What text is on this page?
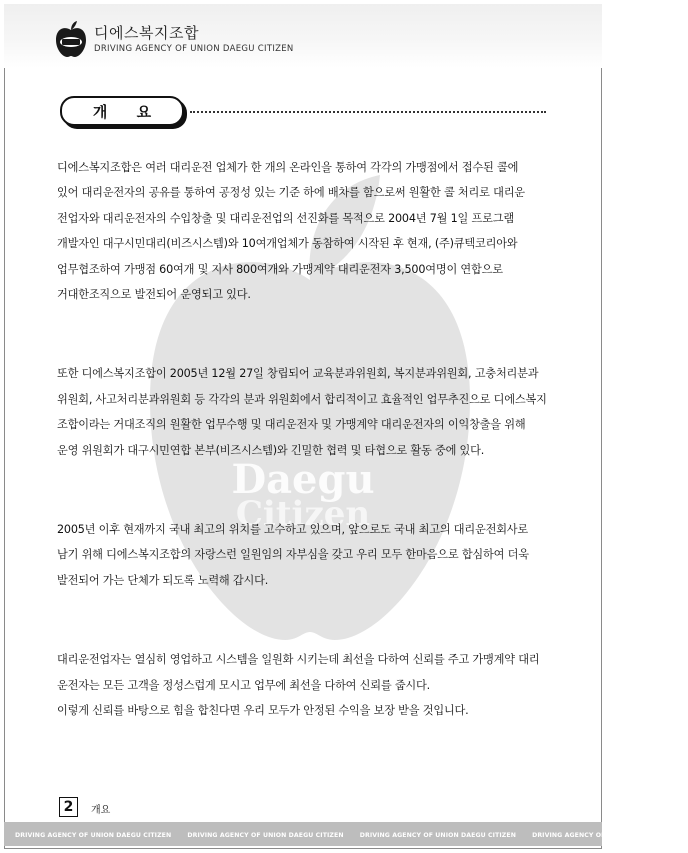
디에스복지조합
DRIVING AGENCY OF UNION DAEGU CITIZEN
개 요
Daegu
Citizen

디에스복지조합은 여러 대리운전 업체가 한 개의 온라인을 통하여 각각의 가맹점에서 접수된 콜에

있어 대리운전자의 공유를 통하여 공정성 있는 기준 하에 배차를 함으로써 원활한 콜 처리로 대리운

전업자와 대리운전자의 수입창출 및 대리운전업의 선진화를 목적으로 2004년 7월 1일 프로그램

개발자인 대구시민대리(비즈시스템)와 10여개업체가 동참하여 시작된 후 현재, (주)큐텍코리아와

업무협조하여 가맹점 60여개 및 지사 800여개와 가맹계약 대리운전자 3,500여명이 연합으로

거대한조직으로 발전되어 운영되고 있다.

또한 디에스복지조합이 2005년 12월 27일 창립되어 교육분과위원회, 복지분과위원회, 고충처리분과

위원회, 사고처리분과위원회 등 각각의 분과 위원회에서 합리적이고 효율적인 업무추진으로 디에스복지

조합이라는 거대조직의 원활한 업무수행 및 대리운전자 및 가맹계약 대리운전자의 이익창출을 위해

운영 위원회가 대구시민연합 본부(비즈시스템)와 긴밀한 협력 및 타협으로 활동 중에 있다.

2005년 이후 현재까지 국내 최고의 위치를 고수하고 있으며, 앞으로도 국내 최고의 대리운전회사로

남기 위해 디에스복지조합의 자랑스런 일원임의 자부심을 갖고 우리 모두 한마음으로 합심하여 더욱

발전되어 가는 단체가 되도록 노력해 갑시다.

대리운전업자는 열심히 영업하고 시스템을 일원화 시키는데 최선을 다하여 신뢰를 주고 가맹계약 대리

운전자는 모든 고객을 정성스럽게 모시고 업무에 최선을 다하여 신뢰를 줍시다.

이렇게 신뢰를 바탕으로 힘을 합친다면 우리 모두가 안정된 수익을 보장 받을 것입니다.

2	개요
DRIVING AGENCY OF UNION DAEGU CITIZEN	DRIVING AGENCY OF UNION DAEGU CITIZEN	DRIVING AGENCY OF UNION DAEGU CITIZEN	DRIVING AGENCY OF UNION DAEGU CITIZEN
